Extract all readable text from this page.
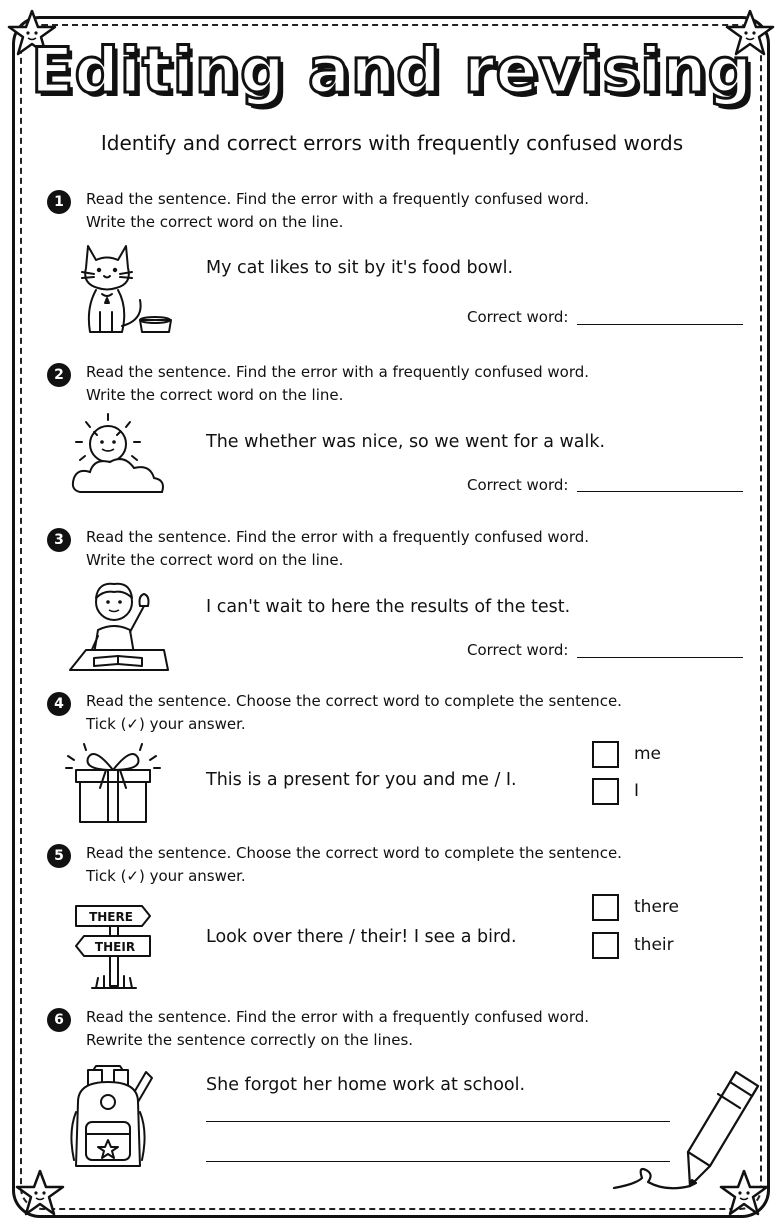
Editing and revising
Identify and correct errors with frequently confused words
1	Read the sentence. Find the error with a frequently confused word.
Write the correct word on the line.
My cat likes to sit by it's food bowl.
Correct word:
2	Read the sentence. Find the error with a frequently confused word.
Write the correct word on the line.
The whether was nice, so we went for a walk.
Correct word:
3	Read the sentence. Find the error with a frequently confused word.
Write the correct word on the line.
I can't wait to here the results of the test.
Correct word:
4	Read the sentence. Choose the correct word to complete the sentence.
Tick (✓) your answer.
This is a present for you and me / I.
me
I
5	Read the sentence. Choose the correct word to complete the sentence.
Tick (✓) your answer.
THERE
THEIR	Look over there / their! I see a bird.
there
their
6	Read the sentence. Find the error with a frequently confused word.
Rewrite the sentence correctly on the lines.
She forgot her home work at school.
